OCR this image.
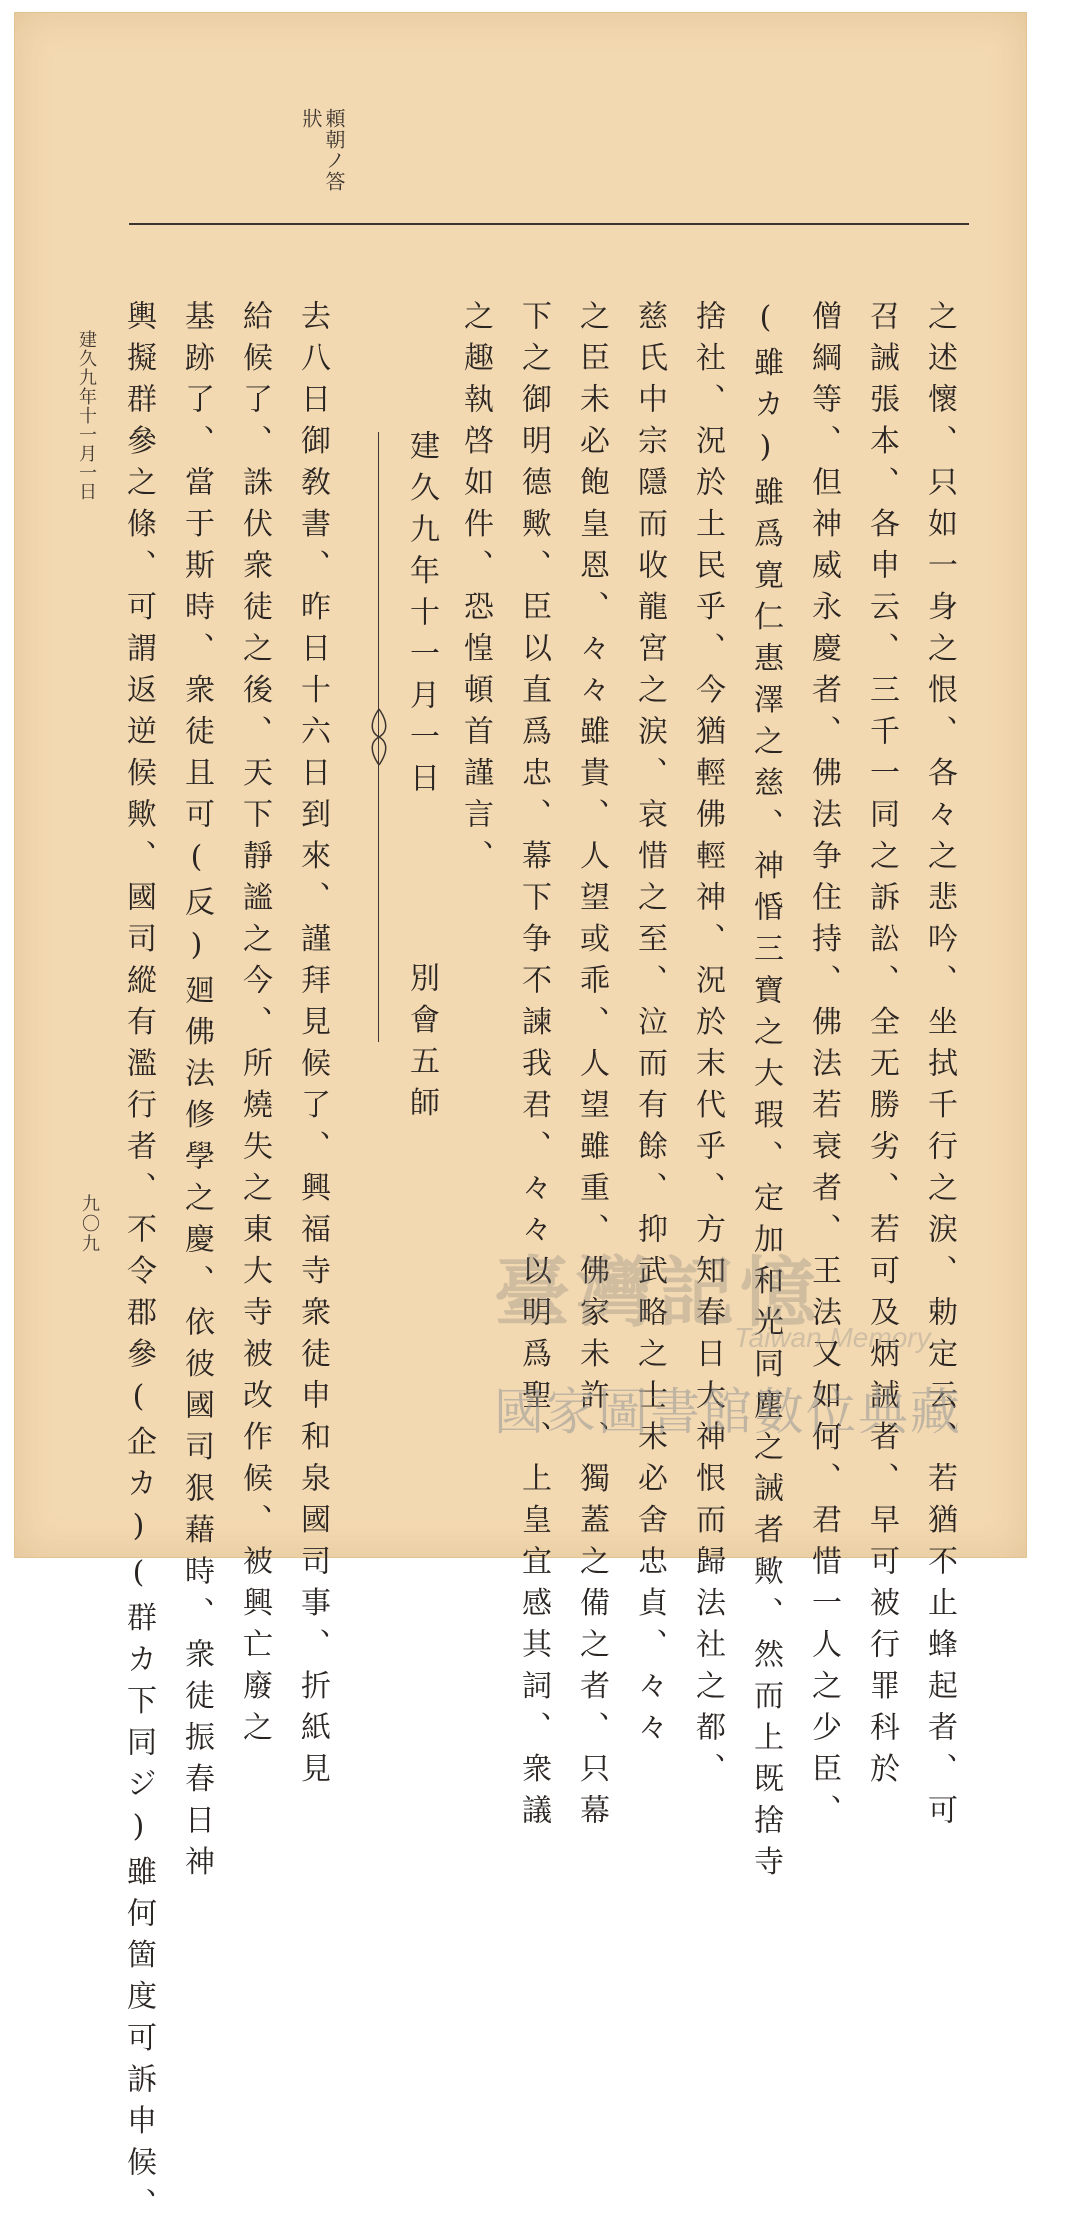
頼朝ノ答狀
之述懷、只如一身之恨、各々之悲吟、坐拭千行之涙、勅定云、若猶不止蜂起者、可
召誡張本、各申云、三千一同之訴訟、全无勝劣、若可及炳誡者、早可被行罪科於
僧綱等、但神威永慶者、佛法争住持、佛法若衰者、王法又如何、君惜一人之少臣、
(雖カ)雖爲寛仁惠澤之慈、神惛三寶之大瑕、定加和光同塵之誡者歟、然而上既捨寺
捨社、況於土民乎、今猶輕佛輕神、況於末代乎、方知春日大神恨而歸法社之都、
慈氏中宗隱而收龍宮之涙、哀惜之至、泣而有餘、抑武略之士未必舍忠貞、々々
之臣未必飽皇恩、々々雖貴、人望或乖、人望雖重、佛家未許、獨蓋之備之者、只幕
下之御明德歟、臣以直爲忠、幕下争不諫我君、々々以明爲聖、上皇宜感其詞、衆議
之趣執啓如件、恐惶頓首謹言、
建久九年十一月一日
別會五師
去八日御敎書、昨日十六日到來、謹拜見候了、興福寺衆徒申和泉國司事、折紙見
給候了、誅伏衆徒之後、天下靜謐之今、所燒失之東大寺被改作候、被興亡廢之
基跡了、當于斯時、衆徒且可(反)廻佛法修學之慶、依彼國司狠藉時、衆徒振春日神
輿擬群參之條、可謂返逆候歟、國司縱有濫行者、不令郡參(企カ)(群カ下同ジ)雖何箇度可訴申候、
建久九年十一月一日
九〇九
臺灣記憶
Taiwan Memory
國家圖書館數位典藏
